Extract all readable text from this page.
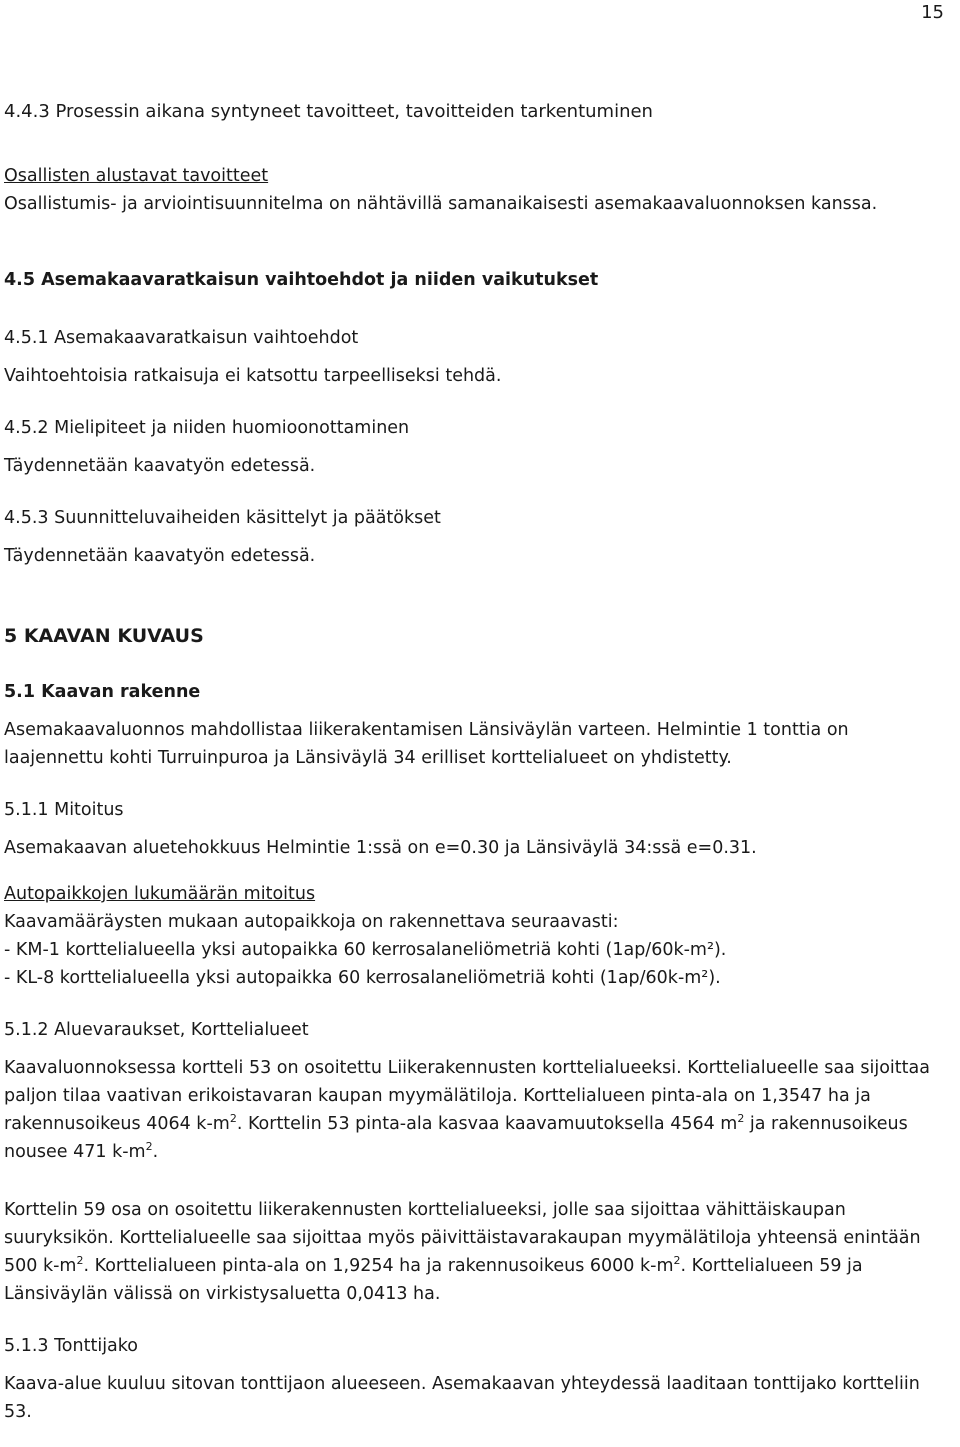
15

4.4.3 Prosessin aikana syntyneet tavoitteet, tavoitteiden tarkentuminen

Osallisten alustavat tavoitteet

Osallistumis- ja arviointisuunnitelma on nähtävillä samanaikaisesti asemakaavaluonnoksen kanssa.

4.5 Asemakaavaratkaisun vaihtoehdot ja niiden vaikutukset

4.5.1 Asemakaavaratkaisun vaihtoehdot

Vaihtoehtoisia ratkaisuja ei katsottu tarpeelliseksi tehdä.

4.5.2 Mielipiteet ja niiden huomioonottaminen

Täydennetään kaavatyön edetessä.

4.5.3 Suunnitteluvaiheiden käsittelyt ja päätökset

Täydennetään kaavatyön edetessä.

5 KAAVAN KUVAUS

5.1 Kaavan rakenne

Asemakaavaluonnos mahdollistaa liikerakentamisen Länsiväylän varteen. Helmintie 1 tonttia on laajennettu kohti Turruinpuroa ja Länsiväylä 34 erilliset korttelialueet on yhdistetty.

5.1.1 Mitoitus

Asemakaavan aluetehokkuus Helmintie 1:ssä on e=0.30 ja Länsiväylä 34:ssä e=0.31.

Autopaikkojen lukumäärän mitoitus

Kaavamääräysten mukaan autopaikkoja on rakennettava seuraavasti:

- KM-1 korttelialueella yksi autopaikka 60 kerrosalaneliömetriä kohti (1ap/60k-m²).

- KL-8 korttelialueella yksi autopaikka 60 kerrosalaneliömetriä kohti (1ap/60k-m²).

5.1.2 Aluevaraukset, Korttelialueet

Kaavaluonnoksessa kortteli 53 on osoitettu Liikerakennusten korttelialueeksi. Korttelialueelle saa sijoittaa paljon tilaa vaativan erikoistavaran kaupan myymälätiloja. Korttelialueen pinta-ala on 1,3547 ha ja rakennusoikeus 4064 $k-m^2$. Korttelin 53 pinta-ala kasvaa kaavamuutoksella 4564 $m^2$ ja rakennusoikeus nousee 471 $k-m^2$.

Korttelin 59 osa on osoitettu liikerakennusten korttelialueeksi, jolle saa sijoittaa vähittäiskaupan suuryksikön. Korttelialueelle saa sijoittaa myös päivittäistavarakaupan myymälätiloja yhteensä enintään 500 $k-m^2$. Korttelialueen pinta-ala on 1,9254 ha ja rakennusoikeus 6000 $k-m^2$. Korttelialueen 59 ja Länsiväylän välissä on virkistysaluetta 0,0413 ha.

5.1.3 Tonttijako

Kaava-alue kuuluu sitovan tonttijaon alueeseen. Asemakaavan yhteydessä laaditaan tonttijako kortteliin 53.
